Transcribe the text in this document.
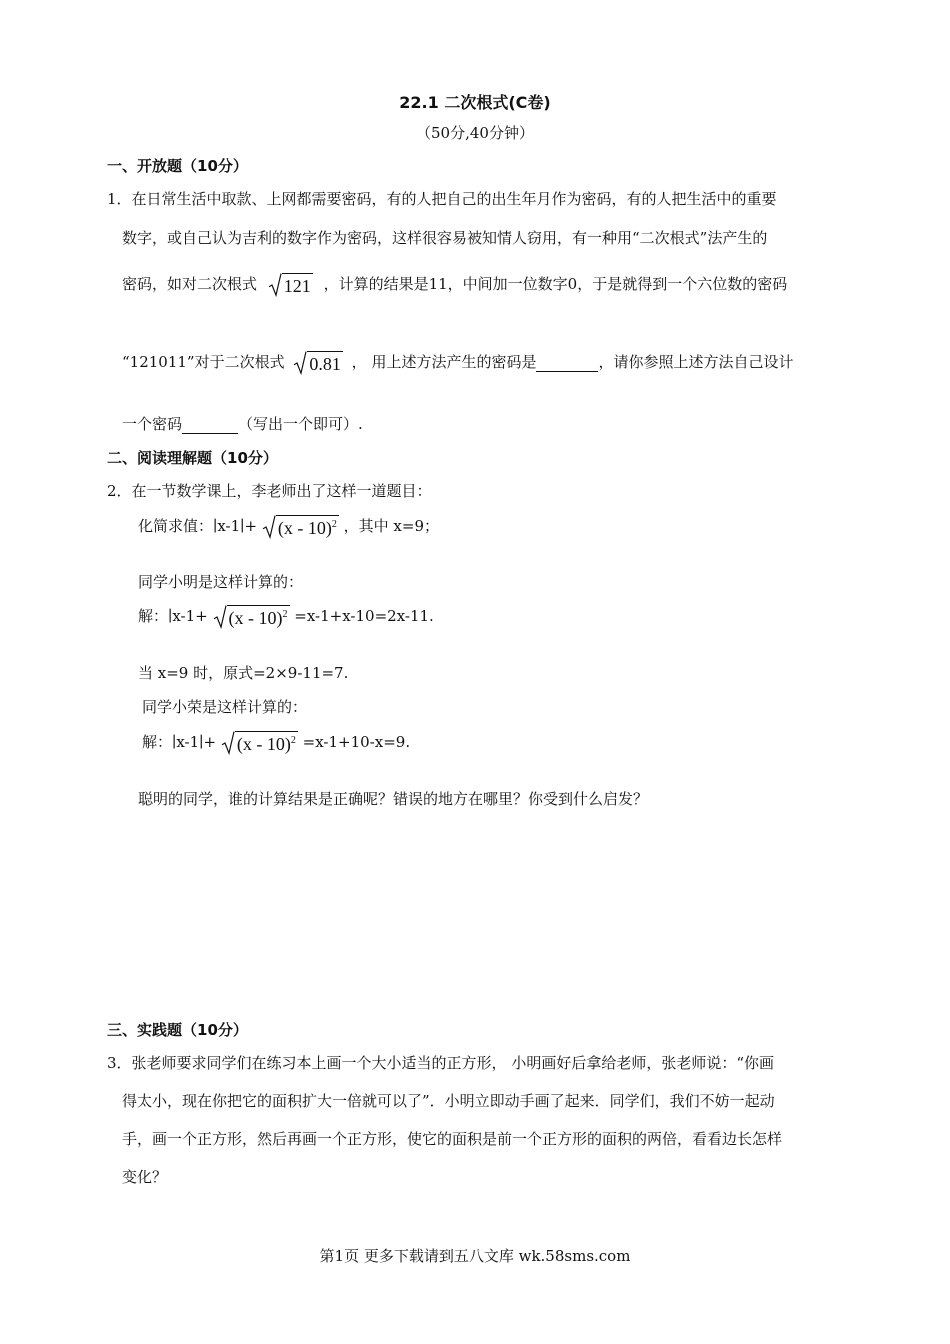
22.1 二次根式(C卷)
（50分,40分钟）
一、开放题（10分）
1．在日常生活中取款、上网都需要密码，有的人把自己的出生年月作为密码，有的人把生活中的重要
数字，或自己认为吉利的数字作为密码，这样很容易被知情人窃用，有一种用“二次根式”法产生的
密码，如对二次根式 121 ，计算的结果是11，中间加一位数字0，于是就得到一个六位数的密码
“121011”对于二次根式 0.81 ， 用上述方法产生的密码是	，请你参照上述方法自己设计
一个密码	（写出一个即可）.
二、阅读理解题（10分）
2．在一节数学课上，李老师出了这样一道题目：
化简求值：∣x-1∣+ (x - 10)$^2$ ，其中 x=9；
同学小明是这样计算的：
解：∣x-1+ (x - 10)$^2$ =x-1+x-10=2x-11.
当 x=9 时，原式=2×9-11=7.
同学小荣是这样计算的：
解：∣x-1∣+ (x - 10)$^2$ =x-1+10-x=9.
聪明的同学，谁的计算结果是正确呢？错误的地方在哪里？你受到什么启发？
三、实践题（10分）
3．张老师要求同学们在练习本上画一个大小适当的正方形， 小明画好后拿给老师，张老师说：“你画
得太小，现在你把它的面积扩大一倍就可以了”．小明立即动手画了起来．同学们，我们不妨一起动
手，画一个正方形，然后再画一个正方形，使它的面积是前一个正方形的面积的两倍，看看边长怎样
变化？
第1页 更多下载请到五八文库 wk.58sms.com
